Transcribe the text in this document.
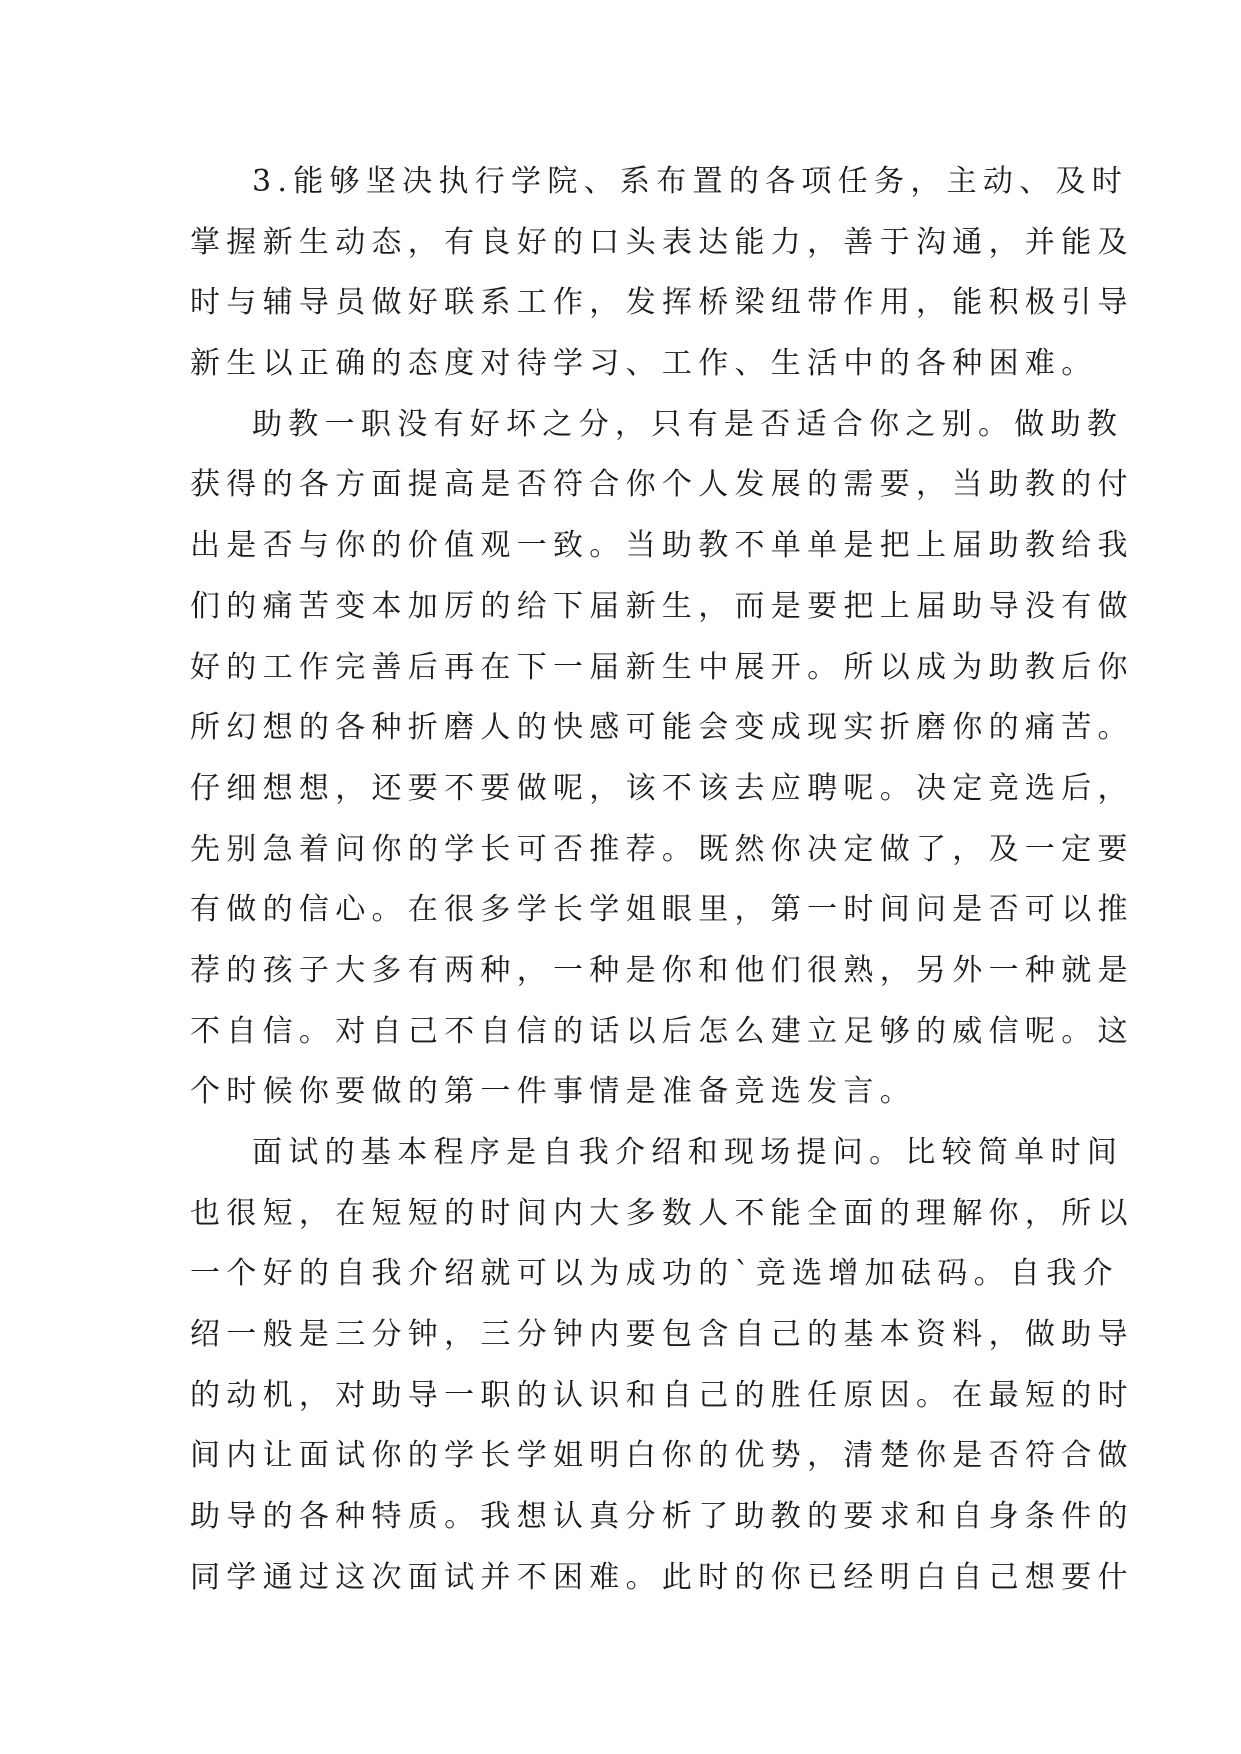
3.能够坚决执行学院、系布置的各项任务，主动、及时
掌握新生动态，有良好的口头表达能力，善于沟通，并能及
时与辅导员做好联系工作，发挥桥梁纽带作用，能积极引导
新生以正确的态度对待学习、工作、生活中的各种困难。
助教一职没有好坏之分，只有是否适合你之别。做助教
获得的各方面提高是否符合你个人发展的需要，当助教的付
出是否与你的价值观一致。当助教不单单是把上届助教给我
们的痛苦变本加厉的给下届新生，而是要把上届助导没有做
好的工作完善后再在下一届新生中展开。所以成为助教后你
所幻想的各种折磨人的快感可能会变成现实折磨你的痛苦。
仔细想想，还要不要做呢，该不该去应聘呢。决定竞选后，
先别急着问你的学长可否推荐。既然你决定做了，及一定要
有做的信心。在很多学长学姐眼里，第一时间问是否可以推
荐的孩子大多有两种，一种是你和他们很熟，另外一种就是
不自信。对自己不自信的话以后怎么建立足够的威信呢。这
个时候你要做的第一件事情是准备竞选发言。
面试的基本程序是自我介绍和现场提问。比较简单时间
也很短，在短短的时间内大多数人不能全面的理解你，所以
一个好的自我介绍就可以为成功的`竞选增加砝码。自我介
绍一般是三分钟，三分钟内要包含自己的基本资料，做助导
的动机，对助导一职的认识和自己的胜任原因。在最短的时
间内让面试你的学长学姐明白你的优势，清楚你是否符合做
助导的各种特质。我想认真分析了助教的要求和自身条件的
同学通过这次面试并不困难。此时的你已经明白自己想要什
